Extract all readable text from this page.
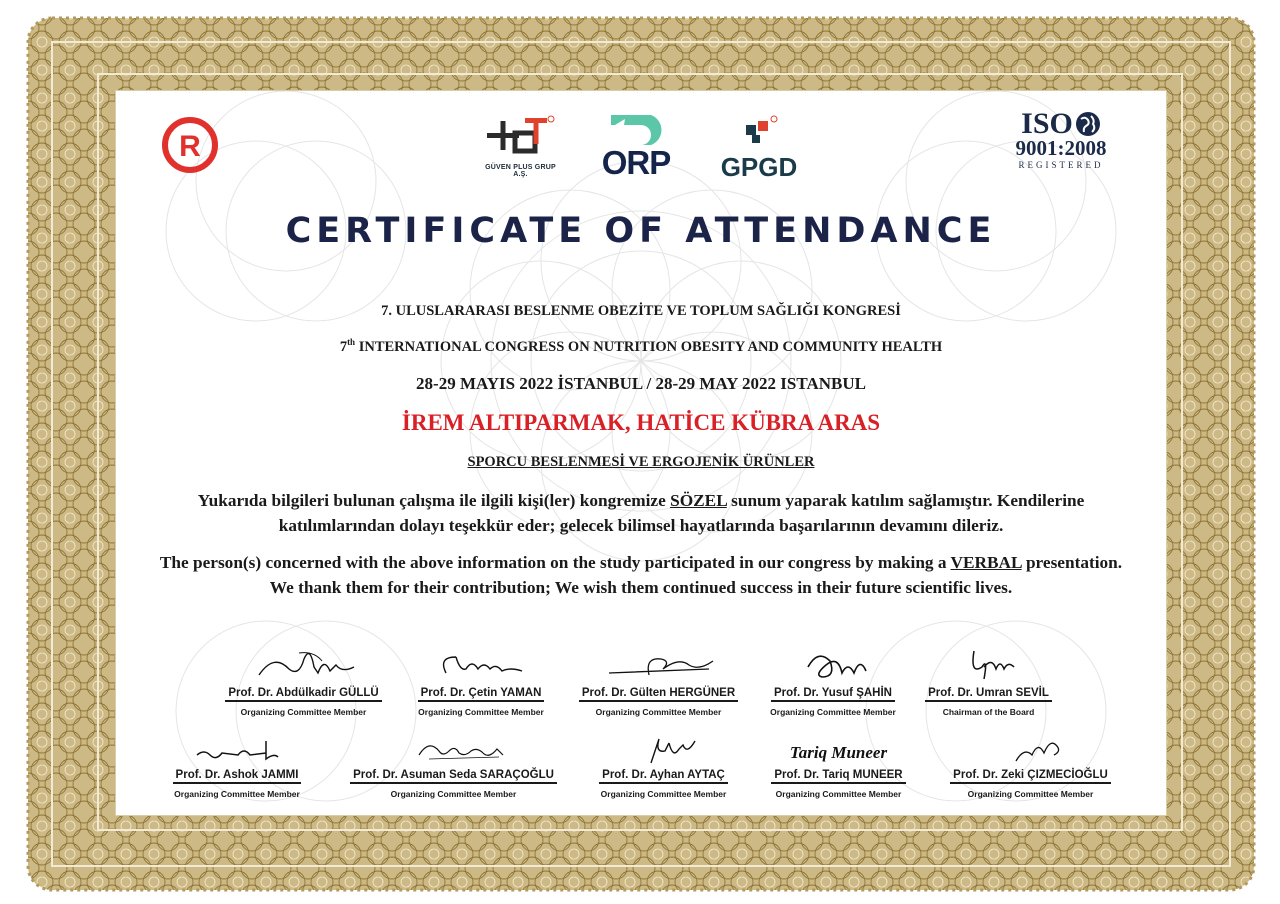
R
GÜVEN PLUS GRUP A.Ş.	ORP	GPGD
ISO
9001:2008
REGISTERED
CERTIFICATE OF ATTENDANCE
7. ULUSLARARASI BESLENME OBEZİTE VE TOPLUM SAĞLIĞI KONGRESİ
7th INTERNATIONAL CONGRESS ON NUTRITION OBESITY AND COMMUNITY HEALTH
28-29 MAYIS 2022 İSTANBUL / 28-29 MAY 2022 ISTANBUL
İREM ALTIPARMAK, HATİCE KÜBRA ARAS
SPORCU BESLENMESİ VE ERGOJENİK ÜRÜNLER
Yukarıda bilgileri bulunan çalışma ile ilgili kişi(ler) kongremize SÖZEL sunum yaparak katılım sağlamıştır. Kendilerine katılımlarından dolayı teşekkür eder; gelecek bilimsel hayatlarında başarılarının devamını dileriz.
The person(s) concerned with the above information on the study participated in our congress by making a VERBAL presentation. We thank them for their contribution; We wish them continued success in their future scientific lives.
Prof. Dr. Abdülkadir GÜLLÜ
Organizing Committee Member
Prof. Dr. Çetin YAMAN
Organizing Committee Member
Prof. Dr. Gülten HERGÜNER
Organizing Committee Member
Prof. Dr. Yusuf ŞAHİN
Organizing Committee Member
Prof. Dr. Umran SEVİL
Chairman of the Board
Prof. Dr. Ashok JAMMI
Organizing Committee Member
Prof. Dr. Asuman Seda SARAÇOĞLU
Organizing Committee Member
Prof. Dr. Ayhan AYTAÇ
Organizing Committee Member
Tariq Muneer
Prof. Dr. Tariq MUNEER
Organizing Committee Member
Prof. Dr. Zeki ÇIZMECİOĞLU
Organizing Committee Member
